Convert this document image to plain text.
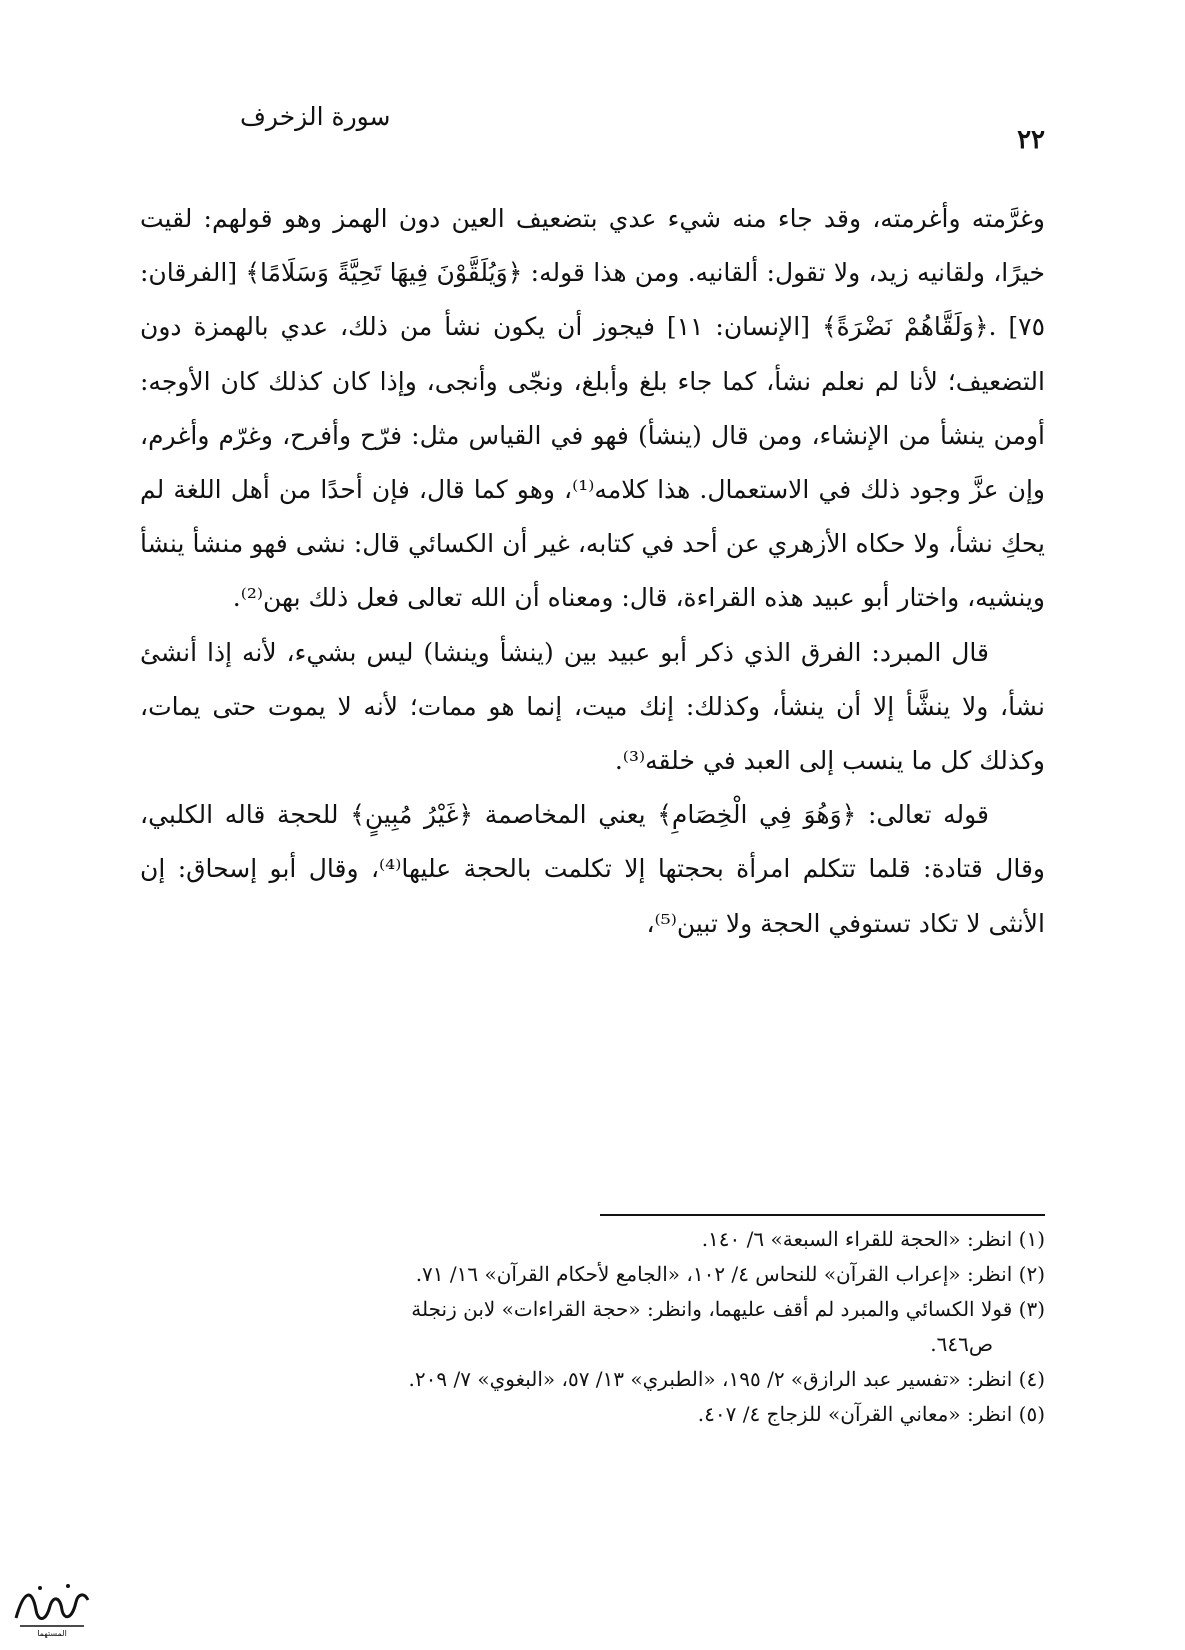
سورة الزخرف
٢٢

وغرَّمته وأغرمته، وقد جاء منه شيء عدي بتضعيف العين دون الهمز وهو قولهم: لقيت خيرًا، ولقانيه زيد، ولا تقول: ألقانيه. ومن هذا قوله: ﴿وَيُلَقَّوْنَ فِيهَا تَحِيَّةً وَسَلَامًا﴾ [الفرقان: ٧٥] .﴿وَلَقَّاهُمْ نَضْرَةً﴾ [الإنسان: ١١] فيجوز أن يكون نشأ من ذلك، عدي بالهمزة دون التضعيف؛ لأنا لم نعلم نشأ، كما جاء بلغ وأبلغ، ونجّى وأنجى، وإذا كان كذلك كان الأوجه: أومن ينشأ من الإنشاء، ومن قال (ينشأ) فهو في القياس مثل: فرّح وأفرح، وغرّم وأغرم، وإن عزَّ وجود ذلك في الاستعمال. هذا كلامه⁽¹⁾، وهو كما قال، فإن أحدًا من أهل اللغة لم يحكِ نشأ، ولا حكاه الأزهري عن أحد في كتابه، غير أن الكسائي قال: نشى فهو منشأ ينشأ وينشيه، واختار أبو عبيد هذه القراءة، قال: ومعناه أن الله تعالى فعل ذلك بهن⁽²⁾.

قال المبرد: الفرق الذي ذكر أبو عبيد بين (ينشأ وينشا) ليس بشيء، لأنه إذا أنشئ نشأ، ولا ينشَّأ إلا أن ينشأ، وكذلك: إنك ميت، إنما هو ممات؛ لأنه لا يموت حتى يمات، وكذلك كل ما ينسب إلى العبد في خلقه⁽³⁾.

قوله تعالى: ﴿وَهُوَ فِي الْخِصَامِ﴾ يعني المخاصمة ﴿غَيْرُ مُبِينٍ﴾ للحجة قاله الكلبي، وقال قتادة: قلما تتكلم امرأة بحجتها إلا تكلمت بالحجة عليها⁽⁴⁾، وقال أبو إسحاق: إن الأنثى لا تكاد تستوفي الحجة ولا تبين⁽⁵⁾،

(١) انظر: «الحجة للقراء السبعة» ٦/ ١٤٠.

(٢) انظر: «إعراب القرآن» للنحاس ٤/ ١٠٢، «الجامع لأحكام القرآن» ١٦/ ٧١.

(٣) قولا الكسائي والمبرد لم أقف عليهما، وانظر: «حجة القراءات» لابن زنجلة

ص٦٤٦.

(٤) انظر: «تفسير عبد الرازق» ٢/ ١٩٥، «الطبري» ١٣/ ٥٧، «البغوي» ٧/ ٢٠٩.

(٥) انظر: «معاني القرآن» للزجاج ٤/ ٤٠٧.

المستهما
